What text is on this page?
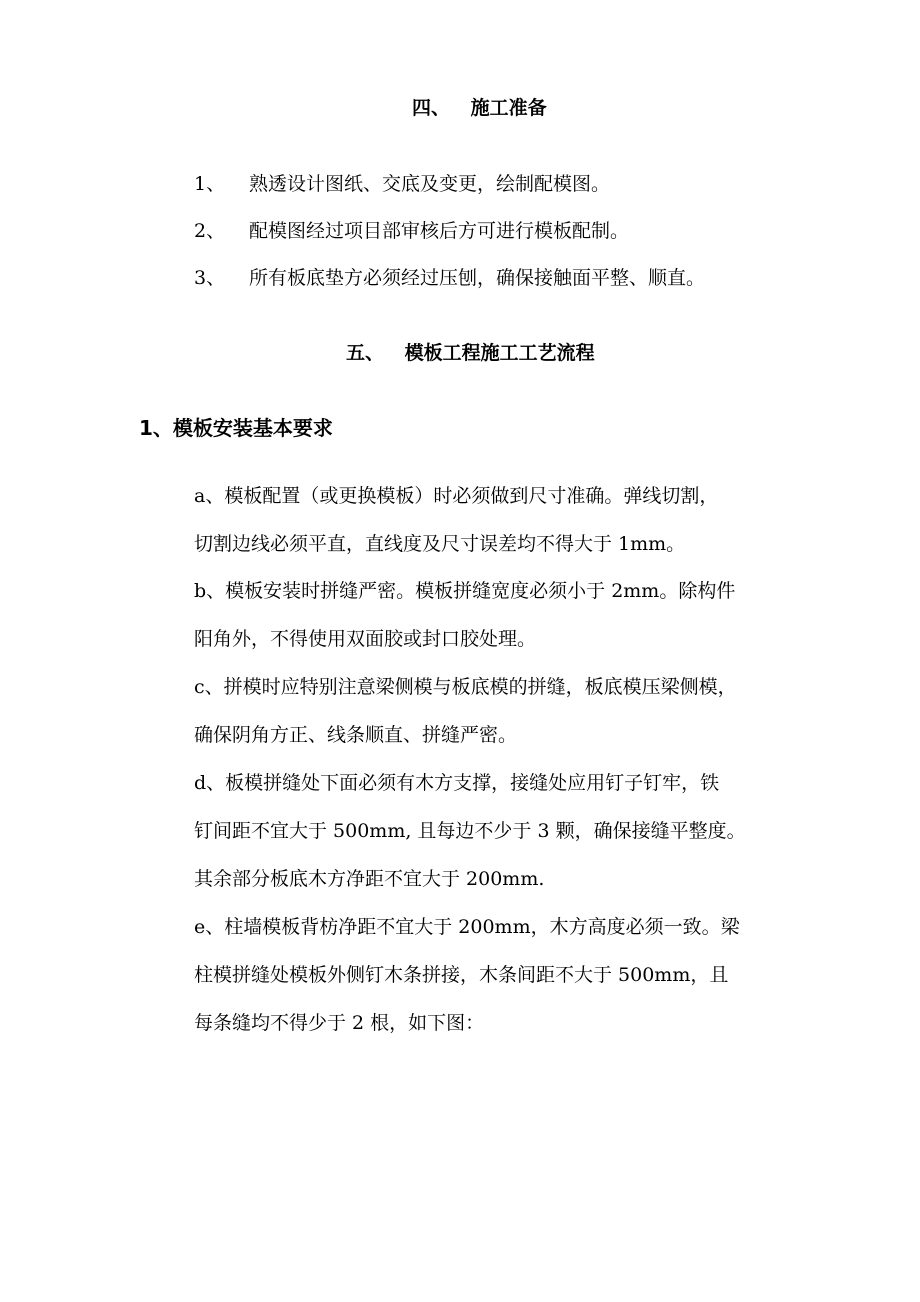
四、 施工准备
1、 熟透设计图纸、交底及变更，绘制配模图。
2、 配模图经过项目部审核后方可进行模板配制。
3、 所有板底垫方必须经过压刨，确保接触面平整、顺直。
五、 模板工程施工工艺流程
1、模板安装基本要求
a、模板配置（或更换模板）时必须做到尺寸准确。弹线切割，
切割边线必须平直，直线度及尺寸误差均不得大于 1mm。
b、模板安装时拼缝严密。模板拼缝宽度必须小于 2mm。除构件
阳角外，不得使用双面胶或封口胶处理。
c、拼模时应特别注意梁侧模与板底模的拼缝，板底模压梁侧模，
确保阴角方正、线条顺直、拼缝严密。
d、板模拼缝处下面必须有木方支撑，接缝处应用钉子钉牢，铁
钉间距不宜大于 500mm, 且每边不少于 3 颗，确保接缝平整度。
其余部分板底木方净距不宜大于 200mm.
e、柱墙模板背枋净距不宜大于 200mm，木方高度必须一致。梁
柱模拼缝处模板外侧钉木条拼接，木条间距不大于 500mm，且
每条缝均不得少于 2 根，如下图：
